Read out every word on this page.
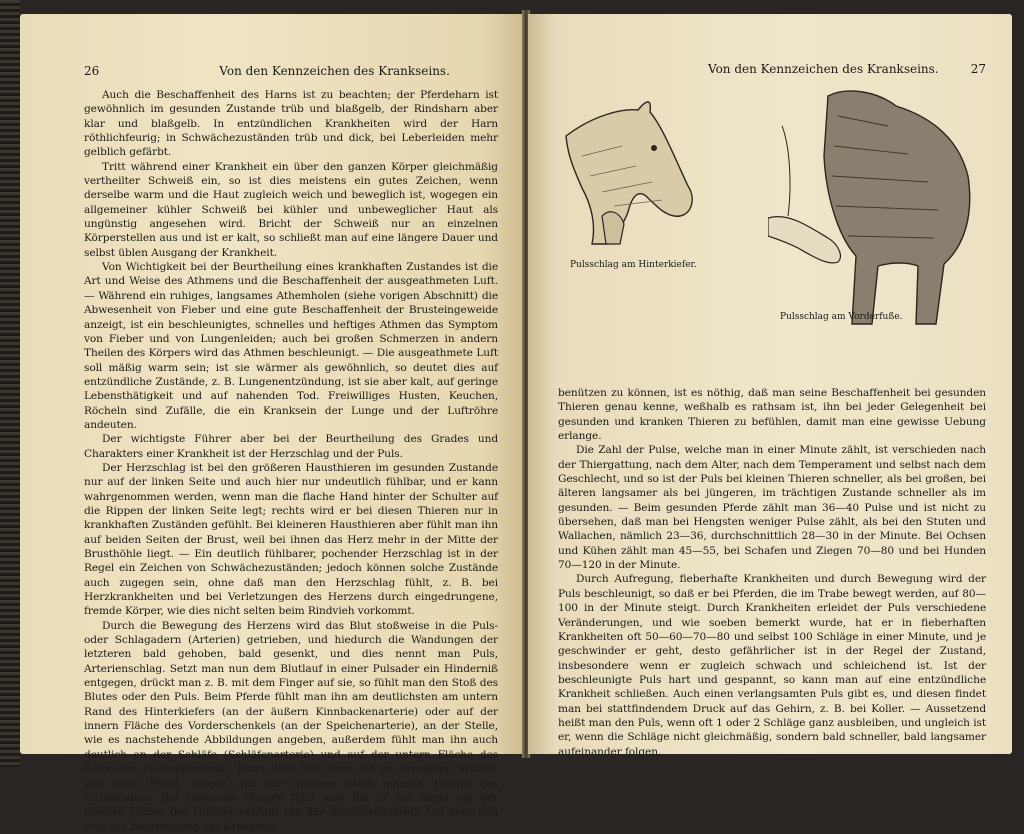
26	Von den Kennzeichen des Krankseins.

Auch die Beschaffenheit des Harns ist zu beachten; der Pferdeharn ist gewöhnlich im gesunden Zustande trüb und blaßgelb, der Rindsharn aber klar und blaßgelb. In entzündlichen Krankheiten wird der Harn röthlichfeurig; in Schwächezuständen trüb und dick, bei Leberleiden mehr gelblich gefärbt.

Tritt während einer Krankheit ein über den ganzen Körper gleichmäßig vertheilter Schweiß ein, so ist dies meistens ein gutes Zeichen, wenn derselbe warm und die Haut zugleich weich und beweglich ist, wogegen ein allgemeiner kühler Schweiß bei kühler und unbeweglicher Haut als ungünstig angesehen wird. Bricht der Schweiß nur an einzelnen Körperstellen aus und ist er kalt, so schließt man auf eine längere Dauer und selbst üblen Ausgang der Krankheit.

Von Wichtigkeit bei der Beurtheilung eines krankhaften Zustandes ist die Art und Weise des Athmens und die Beschaffenheit der ausgeathmeten Luft. — Während ein ruhiges, langsames Athemholen (siehe vorigen Abschnitt) die Abwesenheit von Fieber und eine gute Beschaffenheit der Brusteingeweide anzeigt, ist ein beschleunigtes, schnelles und heftiges Athmen das Symptom von Fieber und von Lungenleiden; auch bei großen Schmerzen in andern Theilen des Körpers wird das Athmen beschleunigt. — Die ausgeathmete Luft soll mäßig warm sein; ist sie wärmer als gewöhnlich, so deutet dies auf entzündliche Zustände, z. B. Lungenentzündung, ist sie aber kalt, auf geringe Lebensthätigkeit und auf nahenden Tod. Freiwilliges Husten, Keuchen, Röcheln sind Zufälle, die ein Kranksein der Lunge und der Luftröhre andeuten.

Der wichtigste Führer aber bei der Beurtheilung des Grades und Charakters einer Krankheit ist der Herzschlag und der Puls.

Der Herzschlag ist bei den größeren Hausthieren im gesunden Zustande nur auf der linken Seite und auch hier nur undeutlich fühlbar, und er kann wahrgenommen werden, wenn man die flache Hand hinter der Schulter auf die Rippen der linken Seite legt; rechts wird er bei diesen Thieren nur in krankhaften Zuständen gefühlt. Bei kleineren Hausthieren aber fühlt man ihn auf beiden Seiten der Brust, weil bei ihnen das Herz mehr in der Mitte der Brusthöhle liegt. — Ein deutlich fühlbarer, pochender Herzschlag ist in der Regel ein Zeichen von Schwächezuständen; jedoch können solche Zustände auch zugegen sein, ohne daß man den Herzschlag fühlt, z. B. bei Herzkrankheiten und bei Verletzungen des Herzens durch eingedrungene, fremde Körper, wie dies nicht selten beim Rindvieh vorkommt.

Durch die Bewegung des Herzens wird das Blut stoßweise in die Puls- oder Schlagadern (Arterien) getrieben, und hiedurch die Wandungen der letzteren bald gehoben, bald gesenkt, und dies nennt man Puls, Arterienschlag. Setzt man nun dem Blutlauf in einer Pulsader ein Hinderniß entgegen, drückt man z. B. mit dem Finger auf sie, so fühlt man den Stoß des Blutes oder den Puls. Beim Pferde fühlt man ihn am deutlichsten am untern Rand des Hinterkiefers (an der äußern Kinnbackenarterie) oder auf der innern Fläche des Vorderschenkels (an der Speichenarterie), an der Stelle, wie es nachstehende Abbildungen angeben, außerdem fühlt man ihn auch deutlich an der Schläfe (Schläfenarterie) und auf der untern Fläche des Schweifes (Schweifarterie). Beim Rind fühlt man ihn an denselben Stellen, wie beim Pferd, jedoch auf der äußeren statt inneren Fläche des Unterkiefers. Bei kleineren Thieren fühlt man ihn in der Regel auf der inneren Fläche des Hinterschenkels (an der Schenkelarterie). Um aber den Puls zur Beurtheilung der Krankheit

Von den Kennzeichen des Krankseins.	27
Pulsschlag am Hinterkiefer.
Pulsschlag am Vorderfuße.

benützen zu können, ist es nöthig, daß man seine Beschaffenheit bei gesunden Thieren genau kenne, weßhalb es rathsam ist, ihn bei jeder Gelegenheit bei gesunden und kranken Thieren zu befühlen, damit man eine gewisse Uebung erlange.

Die Zahl der Pulse, welche man in einer Minute zählt, ist verschieden nach der Thiergattung, nach dem Alter, nach dem Temperament und selbst nach dem Geschlecht, und so ist der Puls bei kleinen Thieren schneller, als bei großen, bei älteren langsamer als bei jüngeren, im trächtigen Zustande schneller als im gesunden. — Beim gesunden Pferde zählt man 36—40 Pulse und ist nicht zu übersehen, daß man bei Hengsten weniger Pulse zählt, als bei den Stuten und Wallachen, nämlich 23—36, durchschnittlich 28—30 in der Minute. Bei Ochsen und Kühen zählt man 45—55, bei Schafen und Ziegen 70—80 und bei Hunden 70—120 in der Minute.

Durch Aufregung, fieberhafte Krankheiten und durch Bewegung wird der Puls beschleunigt, so daß er bei Pferden, die im Trabe bewegt werden, auf 80—100 in der Minute steigt. Durch Krankheiten erleidet der Puls verschiedene Veränderungen, und wie soeben bemerkt wurde, hat er in fieberhaften Krankheiten oft 50—60—70—80 und selbst 100 Schläge in einer Minute, und je geschwinder er geht, desto gefährlicher ist in der Regel der Zustand, insbesondere wenn er zugleich schwach und schleichend ist. Ist der beschleunigte Puls hart und gespannt, so kann man auf eine entzündliche Krankheit schließen. Auch einen verlangsamten Puls gibt es, und diesen findet man bei stattfindendem Druck auf das Gehirn, z. B. bei Koller. — Aussetzend heißt man den Puls, wenn oft 1 oder 2 Schläge ganz ausbleiben, und ungleich ist er, wenn die Schläge nicht gleichmäßig, sondern bald schneller, bald langsamer aufeinander folgen.
